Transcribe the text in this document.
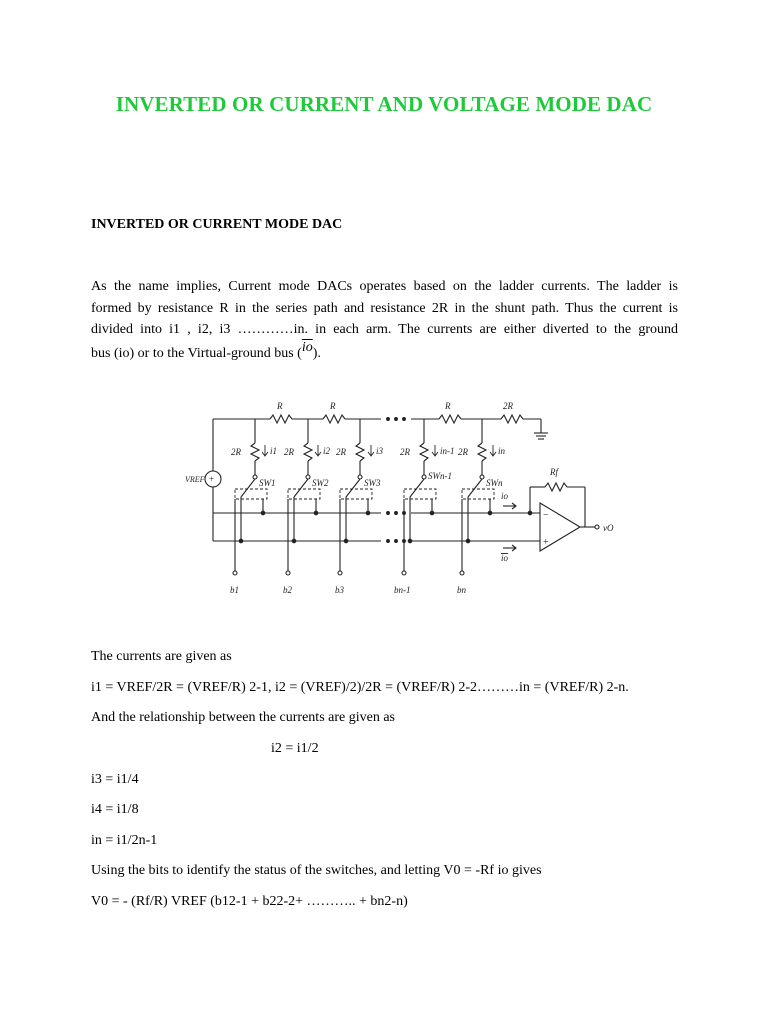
INVERTED OR CURRENT AND VOLTAGE MODE DAC
INVERTED OR CURRENT MODE DAC
As the name implies, Current mode DACs operates based on the ladder currents. The ladder is
formed by resistance R in the series path and resistance 2R in the shunt path. Thus the current is
divided into i1 , i2, i3 …………in. in each arm. The currents are either diverted to the ground
bus (io) or to the Virtual-ground bus $(\overline{io})$.
+
−
+
R	R	R	2R
2R	2R	2R	2R	2R
i1	i2	i3	in-1	in
SW1	SW2	SW3
SWn-1
SWn
VREF
b1	b2	b3	bn-1	bn
Rf
io
io
vO
The currents are given as
i1 = VREF/2R = (VREF/R) 2-1, i2 = (VREF)/2)/2R = (VREF/R) 2-2………in = (VREF/R) 2-n.
And the relationship between the currents are given as
i2 = i1/2
i3 = i1/4
i4 = i1/8
in = i1/2n-1
Using the bits to identify the status of the switches, and letting V0 = -Rf io gives
V0 = - (Rf/R) VREF (b12-1 + b22-2+ ……….. + bn2-n)
